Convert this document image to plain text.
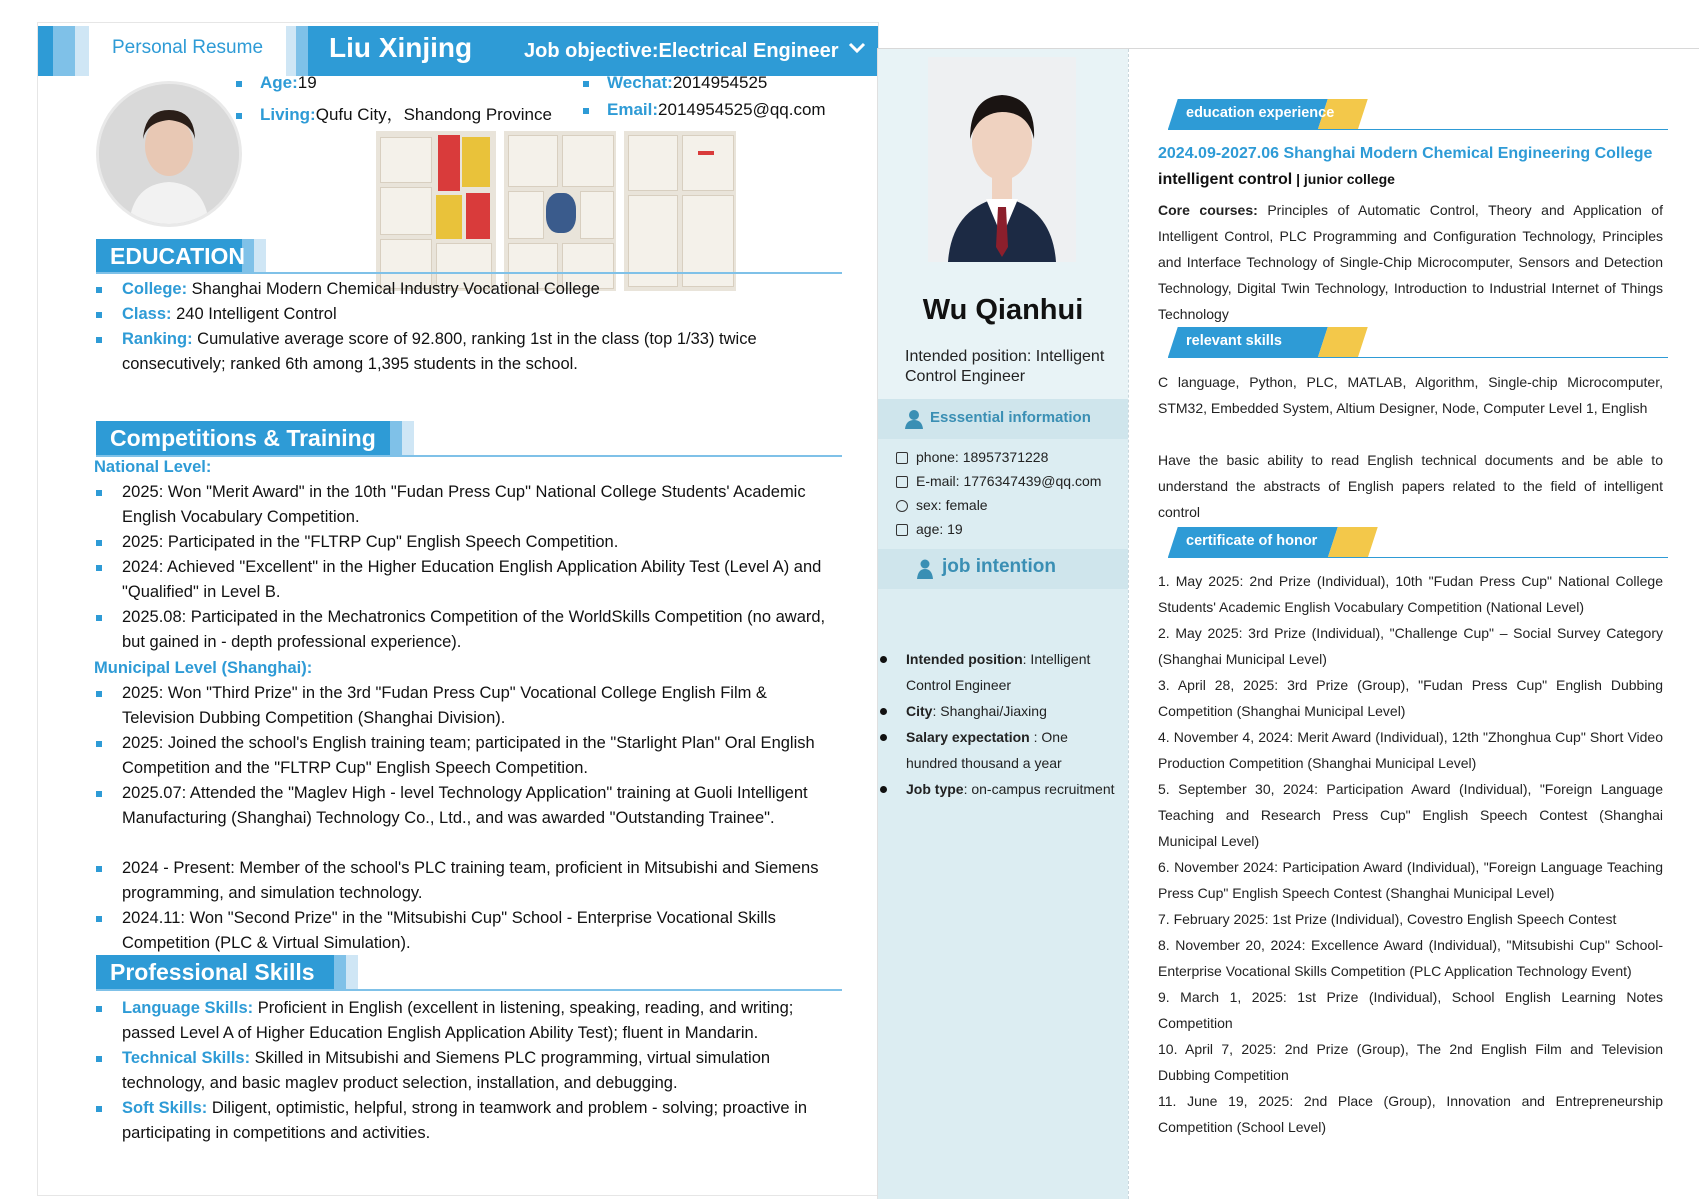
Personal Resume Liu Xinjing	Job objective:Electrical Engineer
Age:19
Living:Qufu City，Shandong Province
Wechat:2014954525
Email:2014954525@qq.com
EDUCATION
College: Shanghai Modern Chemical Industry Vocational College
Class: 240 Intelligent Control
Ranking: Cumulative average score of 92.800, ranking 1st in the class (top 1/33) twice consecutively; ranked 6th among 1,395 students in the school.
Competitions & Training
National Level:
2025: Won "Merit Award" in the 10th "Fudan Press Cup" National College Students' Academic English Vocabulary Competition.
2025: Participated in the "FLTRP Cup" English Speech Competition.
2024: Achieved "Excellent" in the Higher Education English Application Ability Test (Level A) and "Qualified" in Level B.
2025.08: Participated in the Mechatronics Competition of the WorldSkills Competition (no award, but gained in - depth professional experience).
Municipal Level (Shanghai):
2025: Won "Third Prize" in the 3rd "Fudan Press Cup" Vocational College English Film & Television Dubbing Competition (Shanghai Division).
2025: Joined the school's English training team; participated in the "Starlight Plan" Oral English Competition and the "FLTRP Cup" English Speech Competition.
2025.07: Attended the "Maglev High - level Technology Application" training at Guoli Intelligent Manufacturing (Shanghai) Technology Co., Ltd., and was awarded "Outstanding Trainee".
2024 - Present: Member of the school's PLC training team, proficient in Mitsubishi and Siemens programming, and simulation technology.
2024.11: Won "Second Prize" in the "Mitsubishi Cup" School - Enterprise Vocational Skills Competition (PLC & Virtual Simulation).
Professional Skills
Language Skills: Proficient in English (excellent in listening, speaking, reading, and writing; passed Level A of Higher Education English Application Ability Test); fluent in Mandarin.
Technical Skills: Skilled in Mitsubishi and Siemens PLC programming, virtual simulation technology, and basic maglev product selection, installation, and debugging.
Soft Skills: Diligent, optimistic, helpful, strong in teamwork and problem - solving; proactive in participating in competitions and activities.
Wu Qianhui
Intended position: Intelligent Control Engineer
Esssential information
phone: 18957371228
E-mail: 1776347439@qq.com
sex: female
age: 19
job intention
Intended position: Intelligent Control Engineer
City: Shanghai/Jiaxing
Salary expectation : One hundred thousand a year
Job type: on-campus recruitment
education experience
2024.09-2027.06 Shanghai Modern Chemical Engineering College
intelligent control | junior college
Core courses: Principles of Automatic Control, Theory and Application of Intelligent Control, PLC Programming and Configuration Technology, Principles and Interface Technology of Single-Chip Microcomputer, Sensors and Detection Technology, Digital Twin Technology, Introduction to Industrial Internet of Things Technology
relevant skills
C language, Python, PLC, MATLAB, Algorithm, Single-chip Microcomputer, STM32, Embedded System, Altium Designer, Node, Computer Level 1, English
Have the basic ability to read English technical documents and be able to understand the abstracts of English papers related to the field of intelligent control
certificate of honor
1. May 2025: 2nd Prize (Individual), 10th "Fudan Press Cup" National College Students' Academic English Vocabulary Competition (National Level)
2. May 2025: 3rd Prize (Individual), "Challenge Cup" – Social Survey Category (Shanghai Municipal Level)
3. April 28, 2025: 3rd Prize (Group), "Fudan Press Cup" English Dubbing Competition (Shanghai Municipal Level)
4. November 4, 2024: Merit Award (Individual), 12th "Zhonghua Cup" Short Video Production Competition (Shanghai Municipal Level)
5. September 30, 2024: Participation Award (Individual), "Foreign Language Teaching and Research Press Cup" English Speech Contest (Shanghai Municipal Level)
6. November 2024: Participation Award (Individual), "Foreign Language Teaching Press Cup" English Speech Contest (Shanghai Municipal Level)
7. February 2025: 1st Prize (Individual), Covestro English Speech Contest
8. November 20, 2024: Excellence Award (Individual), "Mitsubishi Cup" School-Enterprise Vocational Skills Competition (PLC Application Technology Event)
9. March 1, 2025: 1st Prize (Individual), School English Learning Notes Competition
10. April 7, 2025: 2nd Prize (Group), The 2nd English Film and Television Dubbing Competition
11. June 19, 2025: 2nd Place (Group), Innovation and Entrepreneurship Competition (School Level)
